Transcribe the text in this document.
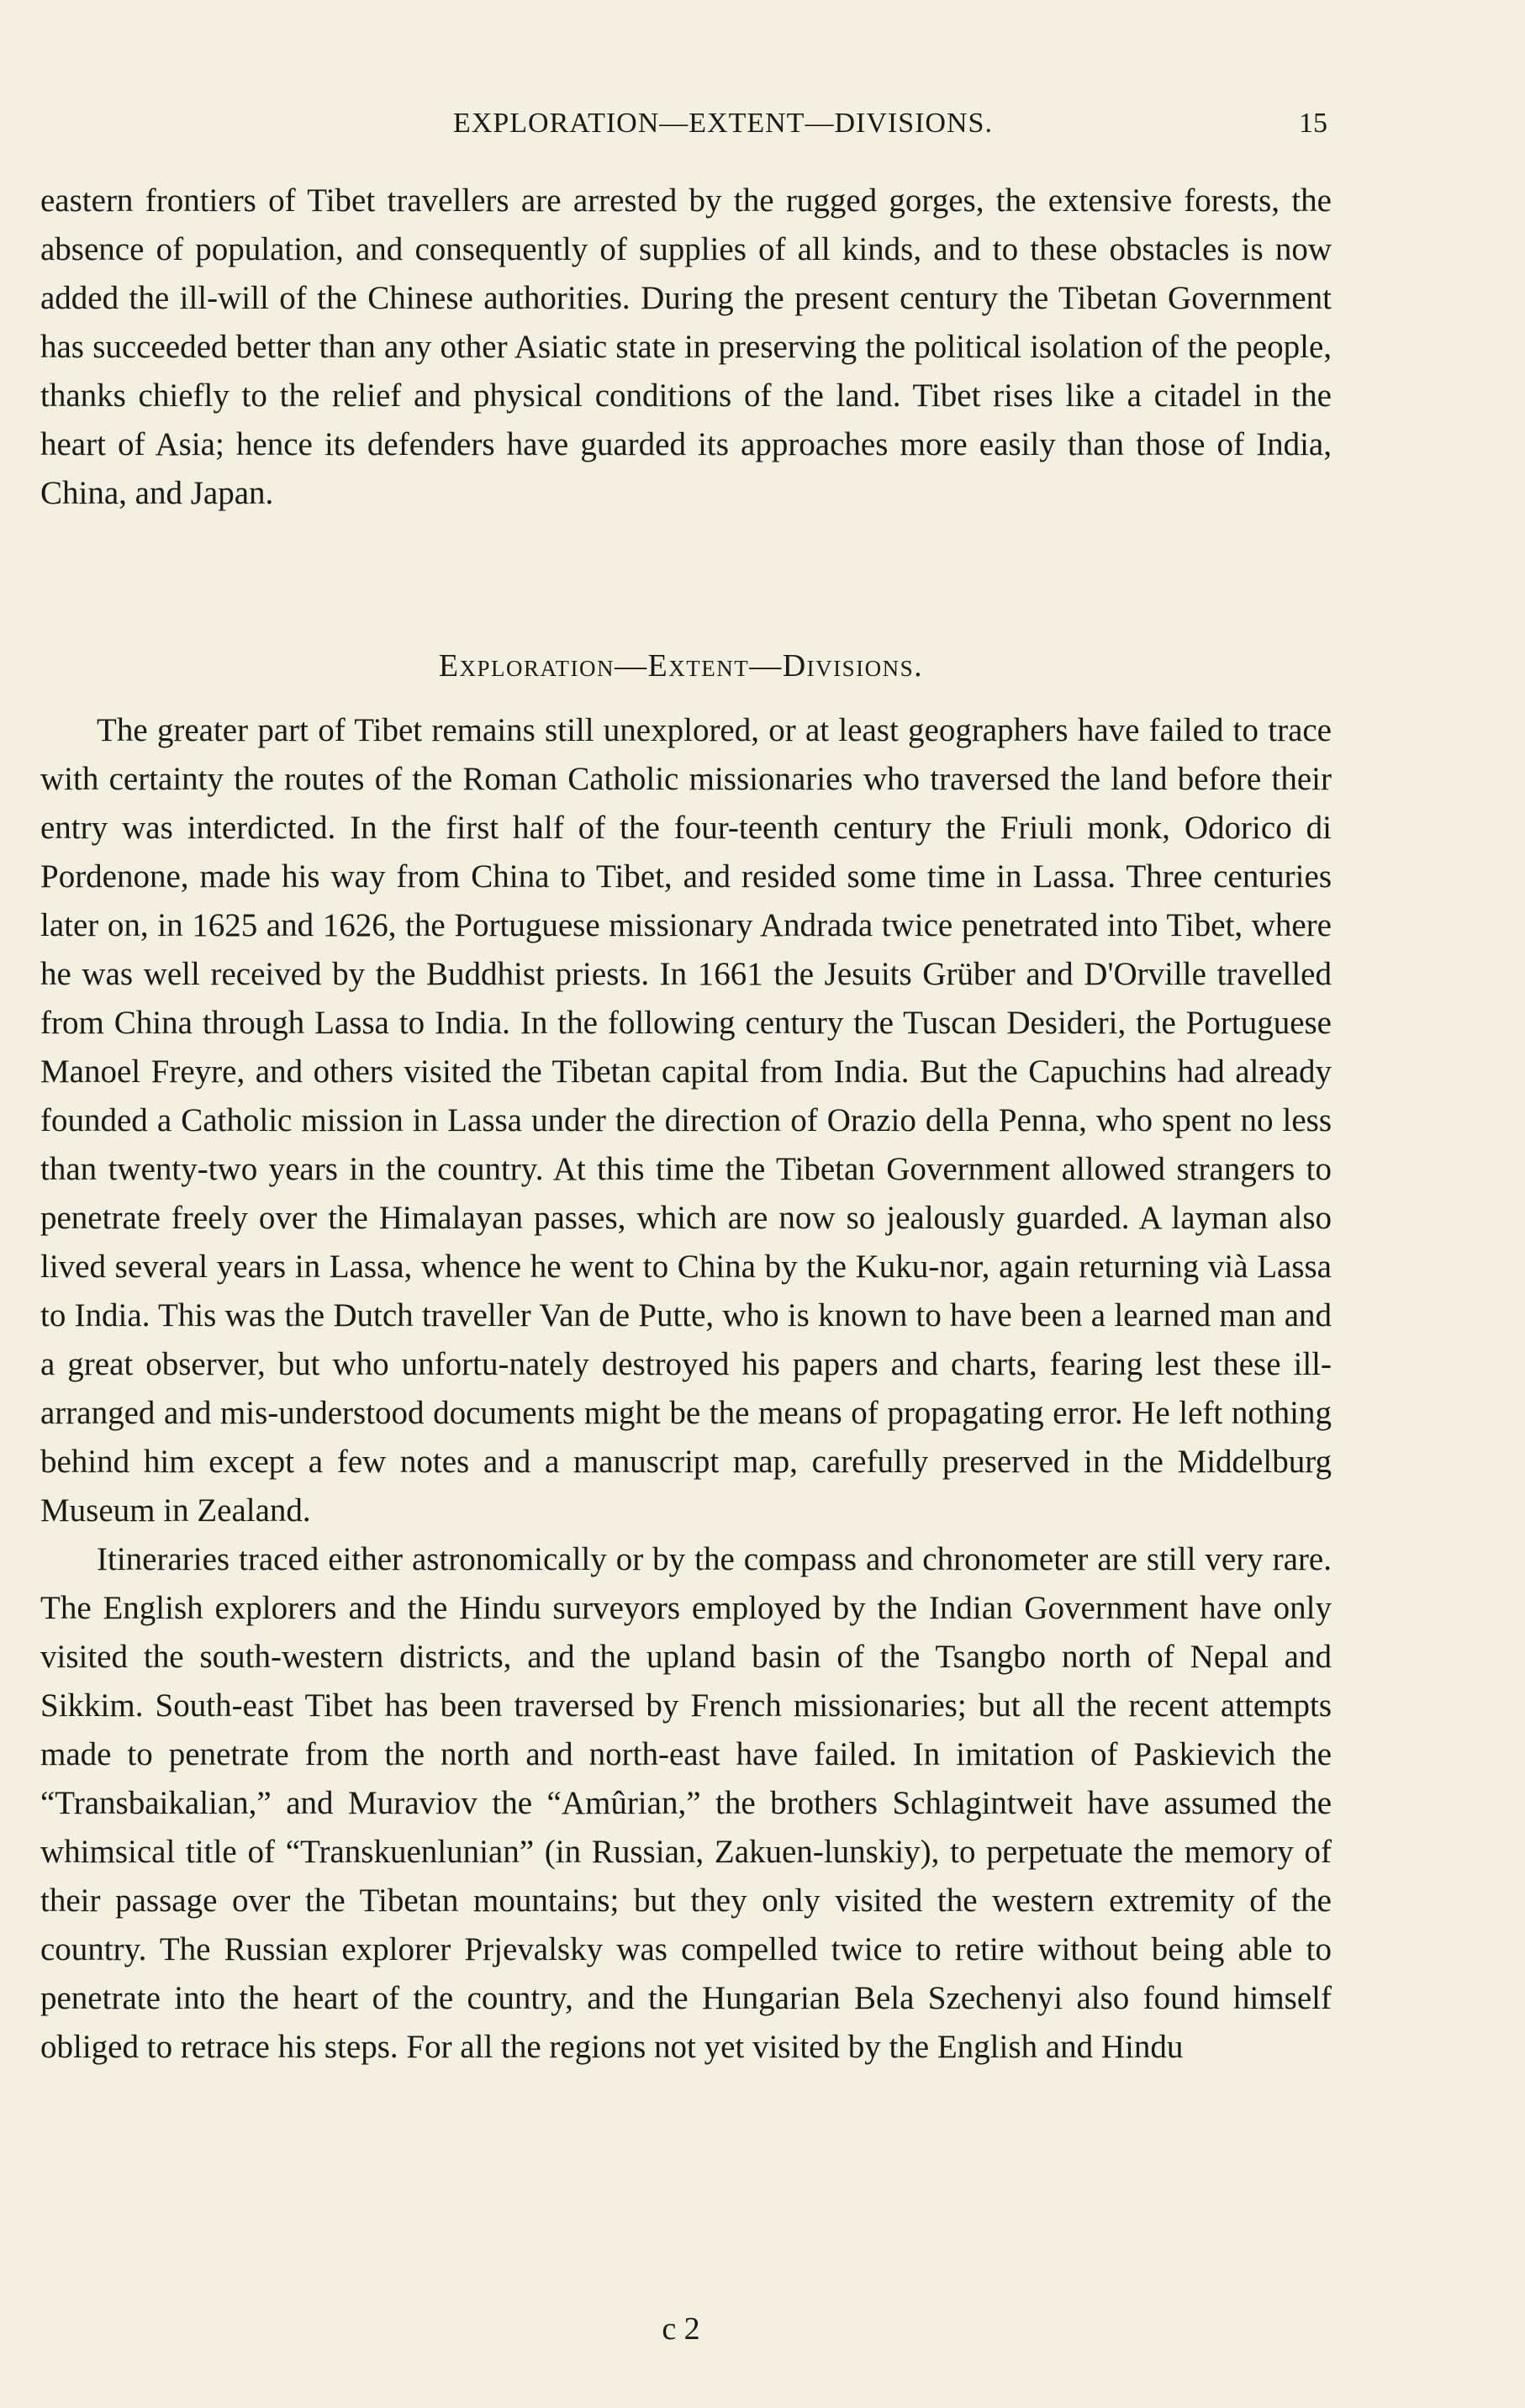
EXPLORATION—EXTENT—DIVISIONS.	15

eastern frontiers of Tibet travellers are arrested by the rugged gorges, the extensive forests, the absence of population, and consequently of supplies of all kinds, and to these obstacles is now added the ill-will of the Chinese authorities. During the present century the Tibetan Government has succeeded better than any other Asiatic state in preserving the political isolation of the people, thanks chiefly to the relief and physical conditions of the land. Tibet rises like a citadel in the heart of Asia; hence its defenders have guarded its approaches more easily than those of India, China, and Japan.

Exploration—Extent—Divisions.

The greater part of Tibet remains still unexplored, or at least geographers have failed to trace with certainty the routes of the Roman Catholic missionaries who traversed the land before their entry was interdicted. In the first half of the four-teenth century the Friuli monk, Odorico di Pordenone, made his way from China to Tibet, and resided some time in Lassa. Three centuries later on, in 1625 and 1626, the Portuguese missionary Andrada twice penetrated into Tibet, where he was well received by the Buddhist priests. In 1661 the Jesuits Grüber and D'Orville travelled from China through Lassa to India. In the following century the Tuscan Desideri, the Portuguese Manoel Freyre, and others visited the Tibetan capital from India. But the Capuchins had already founded a Catholic mission in Lassa under the direction of Orazio della Penna, who spent no less than twenty-two years in the country. At this time the Tibetan Government allowed strangers to penetrate freely over the Himalayan passes, which are now so jealously guarded. A layman also lived several years in Lassa, whence he went to China by the Kuku-nor, again returning vià Lassa to India. This was the Dutch traveller Van de Putte, who is known to have been a learned man and a great observer, but who unfortu-nately destroyed his papers and charts, fearing lest these ill-arranged and mis-understood documents might be the means of propagating error. He left nothing behind him except a few notes and a manuscript map, carefully preserved in the Middelburg Museum in Zealand.

Itineraries traced either astronomically or by the compass and chronometer are still very rare. The English explorers and the Hindu surveyors employed by the Indian Government have only visited the south-western districts, and the upland basin of the Tsangbo north of Nepal and Sikkim. South-east Tibet has been traversed by French missionaries; but all the recent attempts made to penetrate from the north and north-east have failed. In imitation of Paskievich the “Transbaikalian,” and Muraviov the “Amûrian,” the brothers Schlagintweit have assumed the whimsical title of “Transkuenlunian” (in Russian, Zakuen-lunskiy), to perpetuate the memory of their passage over the Tibetan mountains; but they only visited the western extremity of the country. The Russian explorer Prjevalsky was compelled twice to retire without being able to penetrate into the heart of the country, and the Hungarian Bela Szechenyi also found himself obliged to retrace his steps. For all the regions not yet visited by the English and Hindu

c 2
